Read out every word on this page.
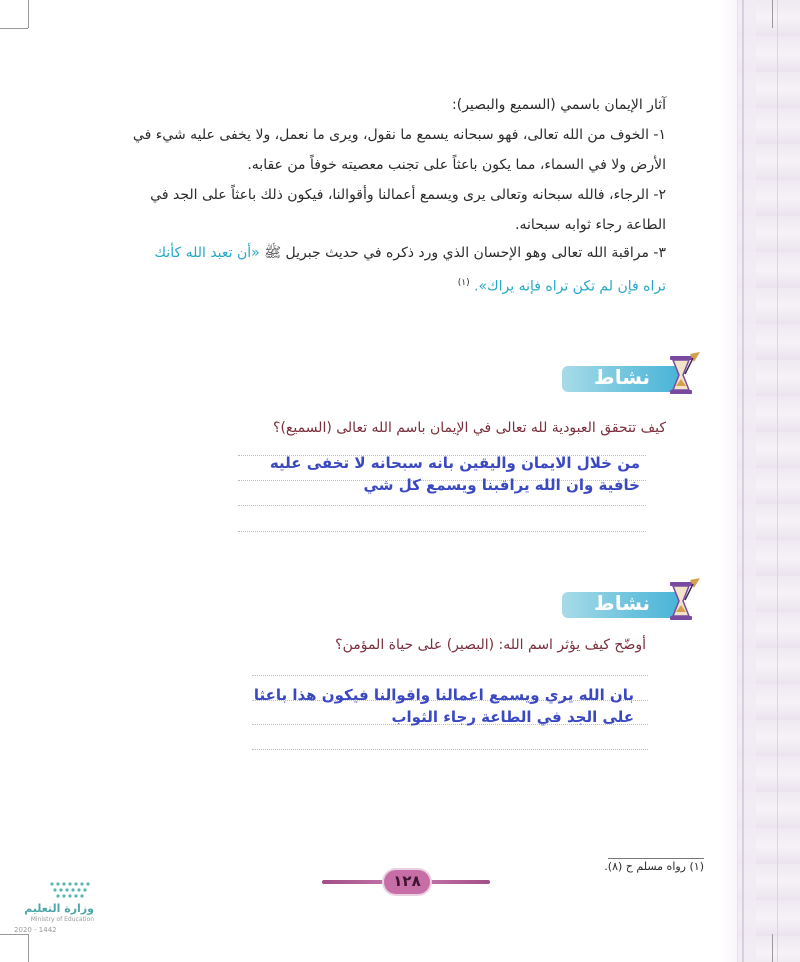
آثار الإيمان باسمي (السميع والبصير):
١- الخوف من الله تعالى، فهو سبحانه يسمع ما نقول، ويرى ما نعمل، ولا يخفى عليه شيء في الأرض ولا في السماء، مما يكون باعثاً على تجنب معصيته خوفاً من عقابه.
٢- الرجاء، فالله سبحانه وتعالى يرى ويسمع أعمالنا وأقوالنا، فيكون ذلك باعثاً على الجد في الطاعة رجاء ثوابه سبحانه.
٣- مراقبة الله تعالى وهو الإحسان الذي ورد ذكره في حديث جبريل ﷺ «أن تعبد الله كأنك تراه فإن لم تكن تراه فإنه يراك». $^{(١)}$
نشاط
كيف تتحقق العبودية لله تعالى في الإيمان باسم الله تعالى (السميع)؟
من خلال الايمان واليقين بانه سبحانه لا تخفى عليه
خافية وان الله يراقبنا ويسمع كل شي
نشاط
أوضّح كيف يؤثر اسم الله: (البصير) على حياة المؤمن؟
بان الله يري ويسمع اعمالنا واقوالنا فيكون هذا باعثا
على الجد في الطاعة رجاء الثواب
(١) رواه مسلم ح (٨).
١٢٨
وزارة التعليم
Ministry of Education
2020 - 1442
